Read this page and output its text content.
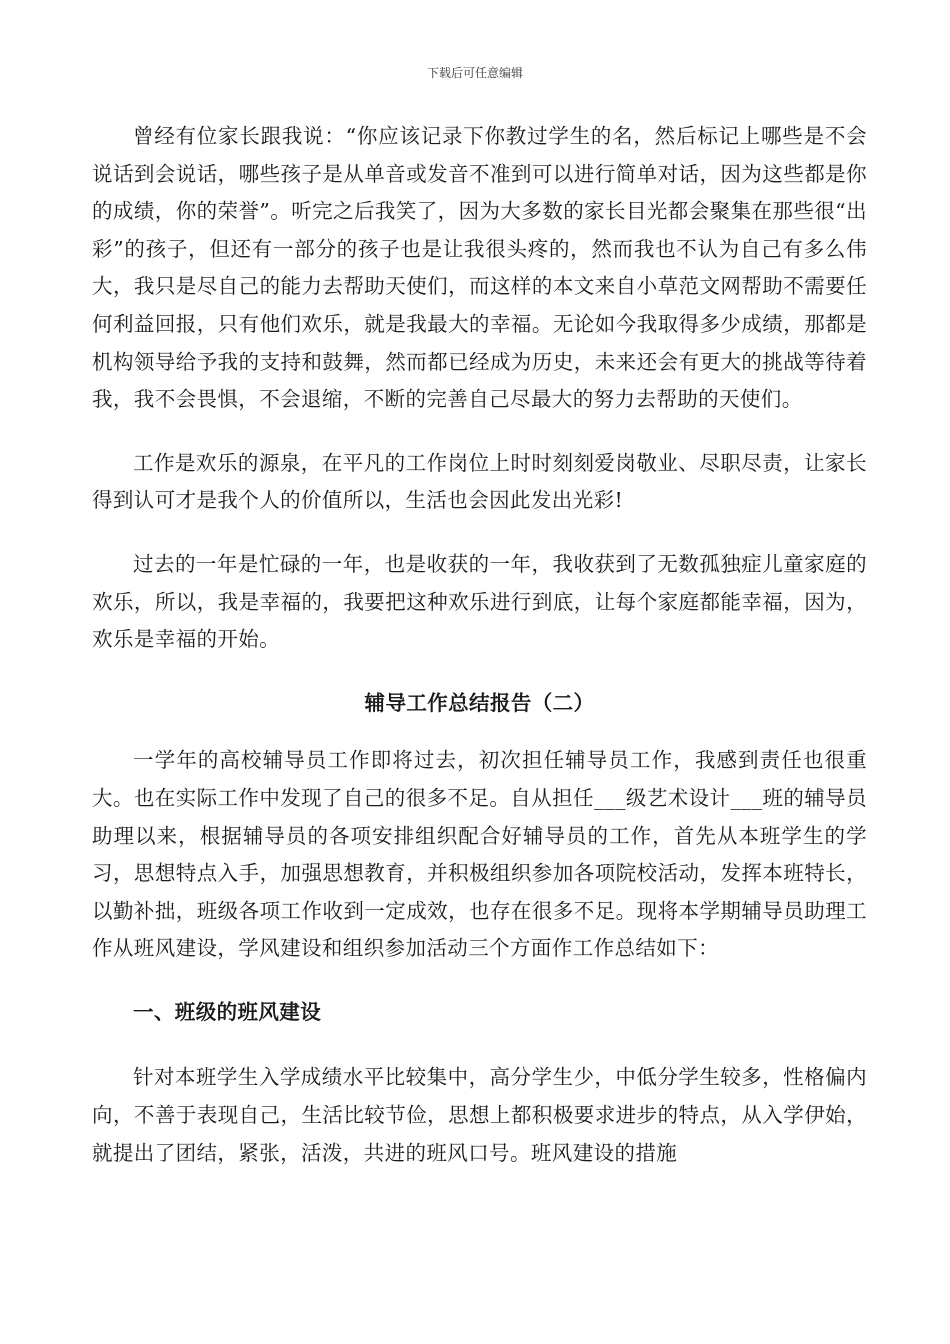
下载后可任意编辑

曾经有位家长跟我说：“你应该记录下你教过学生的名，然后标记上哪些是不会说话到会说话，哪些孩子是从单音或发音不准到可以进行简单对话，因为这些都是你的成绩，你的荣誉”。听完之后我笑了，因为大多数的家长目光都会聚集在那些很“出彩”的孩子，但还有一部分的孩子也是让我很头疼的，然而我也不认为自己有多么伟大，我只是尽自己的能力去帮助天使们，而这样的本文来自小草范文网帮助不需要任何利益回报，只有他们欢乐，就是我最大的幸福。无论如今我取得多少成绩，那都是机构领导给予我的支持和鼓舞，然而都已经成为历史，未来还会有更大的挑战等待着我，我不会畏惧，不会退缩，不断的完善自己尽最大的努力去帮助的天使们。

工作是欢乐的源泉，在平凡的工作岗位上时时刻刻爱岗敬业、尽职尽责，让家长得到认可才是我个人的价值所以，生活也会因此发出光彩!

过去的一年是忙碌的一年，也是收获的一年，我收获到了无数孤独症儿童家庭的欢乐，所以，我是幸福的，我要把这种欢乐进行到底，让每个家庭都能幸福，因为，欢乐是幸福的开始。

辅导工作总结报告（二）

一学年的高校辅导员工作即将过去，初次担任辅导员工作，我感到责任也很重大。也在实际工作中发现了自己的很多不足。自从担任___级艺术设计___班的辅导员助理以来，根据辅导员的各项安排组织配合好辅导员的工作，首先从本班学生的学习，思想特点入手，加强思想教育，并积极组织参加各项院校活动，发挥本班特长，以勤补拙，班级各项工作收到一定成效，也存在很多不足。现将本学期辅导员助理工作从班风建设，学风建设和组织参加活动三个方面作工作总结如下：

一、班级的班风建设

针对本班学生入学成绩水平比较集中，高分学生少，中低分学生较多，性格偏内向，不善于表现自己，生活比较节俭，思想上都积极要求进步的特点，从入学伊始，就提出了团结，紧张，活泼，共进的班风口号。班风建设的措施
